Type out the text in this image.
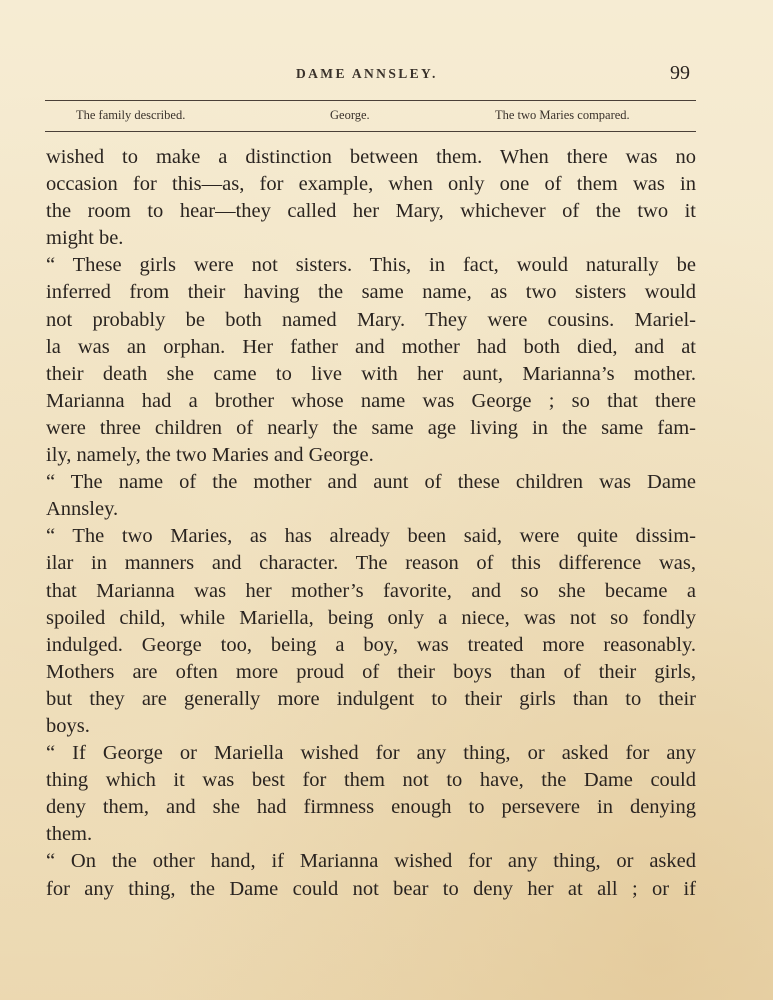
DAME ANNSLEY.	99
The family described.	George.	The two Maries compared.
wished to make a distinction between them. When there was no
occasion for this—as, for example, when only one of them was in
the room to hear—they called her Mary, whichever of the two it
might be.
“ These girls were not sisters. This, in fact, would naturally be
inferred from their having the same name, as two sisters would
not probably be both named Mary. They were cousins. Mariel-
la was an orphan. Her father and mother had both died, and at
their death she came to live with her aunt, Marianna’s mother.
Marianna had a brother whose name was George ; so that there
were three children of nearly the same age living in the same fam-
ily, namely, the two Maries and George.
“ The name of the mother and aunt of these children was Dame
Annsley.
“ The two Maries, as has already been said, were quite dissim-
ilar in manners and character. The reason of this difference was,
that Marianna was her mother’s favorite, and so she became a
spoiled child, while Mariella, being only a niece, was not so fondly
indulged. George too, being a boy, was treated more reasonably.
Mothers are often more proud of their boys than of their girls,
but they are generally more indulgent to their girls than to their
boys.
“ If George or Mariella wished for any thing, or asked for any
thing which it was best for them not to have, the Dame could
deny them, and she had firmness enough to persevere in denying
them.
“ On the other hand, if Marianna wished for any thing, or asked
for any thing, the Dame could not bear to deny her at all ; or if
